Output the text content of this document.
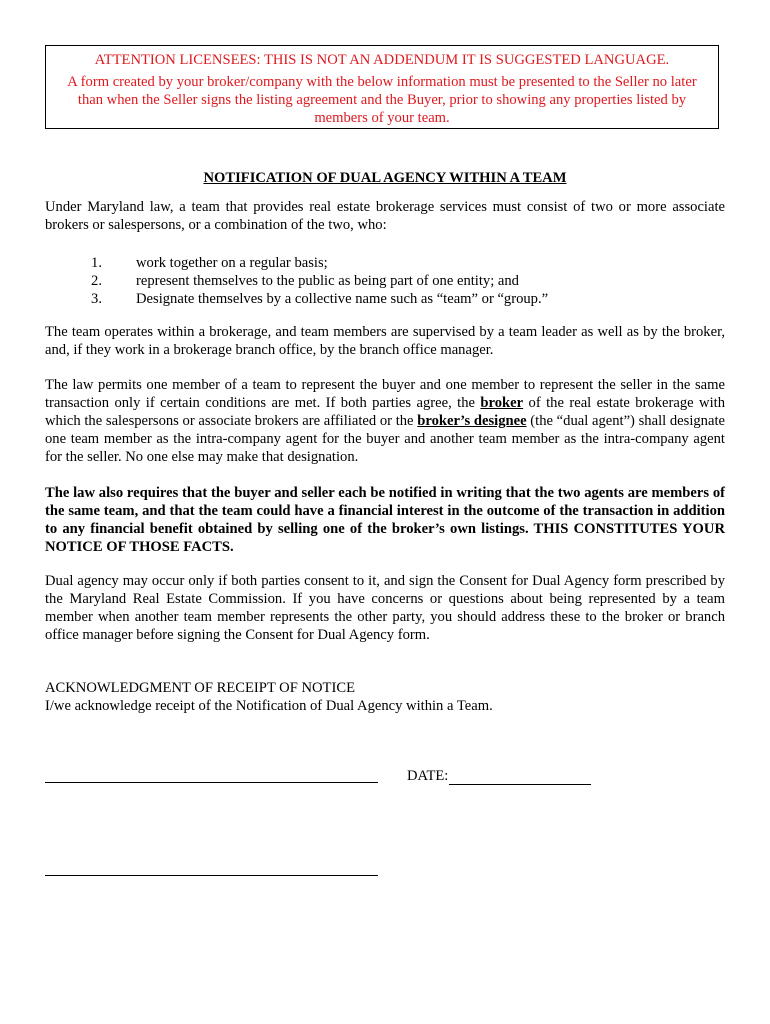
ATTENTION LICENSEES: THIS IS NOT AN ADDENDUM IT IS SUGGESTED LANGUAGE.
A form created by your broker/company with the below information must be presented to the Seller no later than when the Seller signs the listing agreement and the Buyer, prior to showing any properties listed by members of your team.
NOTIFICATION OF DUAL AGENCY WITHIN A TEAM

Under Maryland law, a team that provides real estate brokerage services must consist of two or more associate brokers or salespersons, or a combination of the two, who:

1. work together on a regular basis;
2. represent themselves to the public as being part of one entity; and
3. Designate themselves by a collective name such as “team” or “group.”

The team operates within a brokerage, and team members are supervised by a team leader as well as by the broker, and, if they work in a brokerage branch office, by the branch office manager.

The law permits one member of a team to represent the buyer and one member to represent the seller in the same transaction only if certain conditions are met. If both parties agree, the broker of the real estate brokerage with which the salespersons or associate brokers are affiliated or the broker’s designee (the “dual agent”) shall designate one team member as the intra-company agent for the buyer and another team member as the intra-company agent for the seller. No one else may make that designation.

The law also requires that the buyer and seller each be notified in writing that the two agents are members of the same team, and that the team could have a financial interest in the outcome of the transaction in addition to any financial benefit obtained by selling one of the broker’s own listings. THIS CONSTITUTES YOUR NOTICE OF THOSE FACTS.

Dual agency may occur only if both parties consent to it, and sign the Consent for Dual Agency form prescribed by the Maryland Real Estate Commission. If you have concerns or questions about being represented by a team member when another team member represents the other party, you should address these to the broker or branch office manager before signing the Consent for Dual Agency form.

ACKNOWLEDGMENT OF RECEIPT OF NOTICE
I/we acknowledge receipt of the Notification of Dual Agency within a Team.
DATE:
